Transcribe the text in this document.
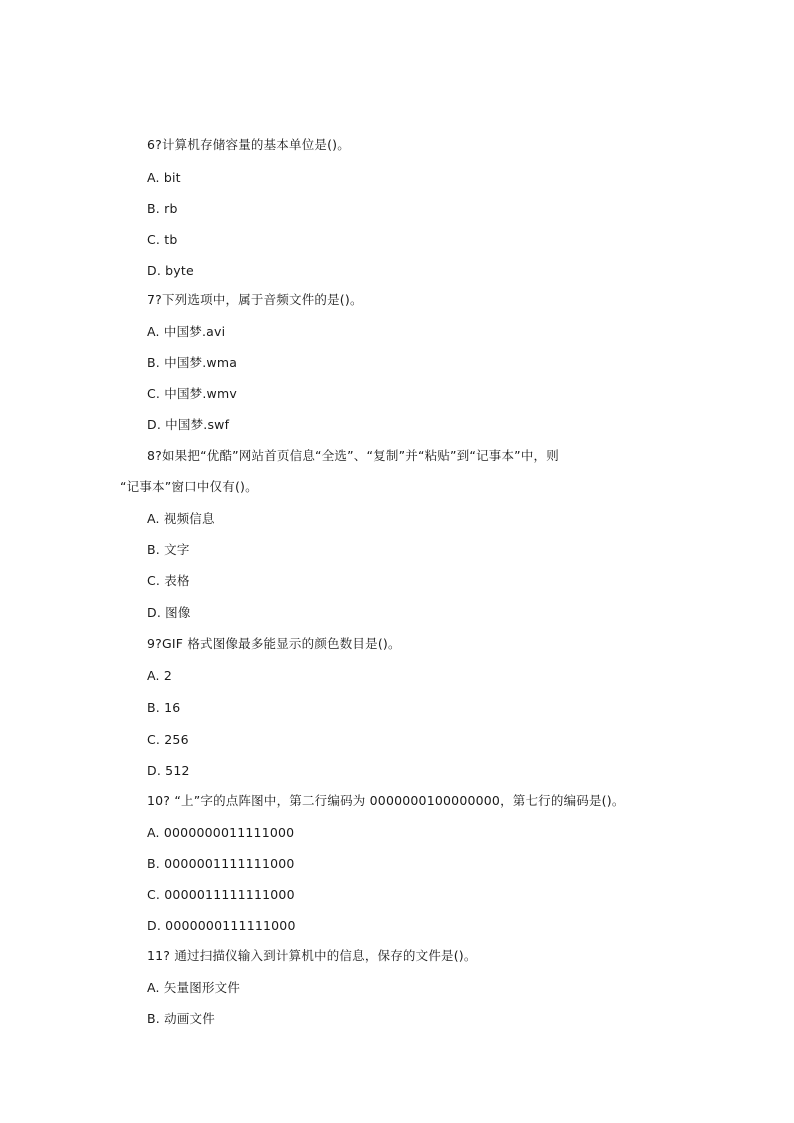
6?计算机存储容量的基本单位是()。
A. bit
B. rb
C. tb
D. byte
7?下列选项中，属于音频文件的是()。
A. 中国梦.avi
B. 中国梦.wma
C. 中国梦.wmv
D. 中国梦.swf
8?如果把“优酷”网站首页信息“全选”、“复制”并“粘贴”到“记事本”中，则
“记事本”窗口中仅有()。
A. 视频信息
B. 文字
C. 表格
D. 图像
9?GIF 格式图像最多能显示的颜色数目是()。
A. 2
B. 16
C. 256
D. 512
10? “上”字的点阵图中，第二行编码为 0000000100000000，第七行的编码是()。
A. 0000000011111000
B. 0000001111111000
C. 0000011111111000
D. 0000000111111000
11? 通过扫描仪输入到计算机中的信息，保存的文件是()。
A. 矢量图形文件
B. 动画文件
